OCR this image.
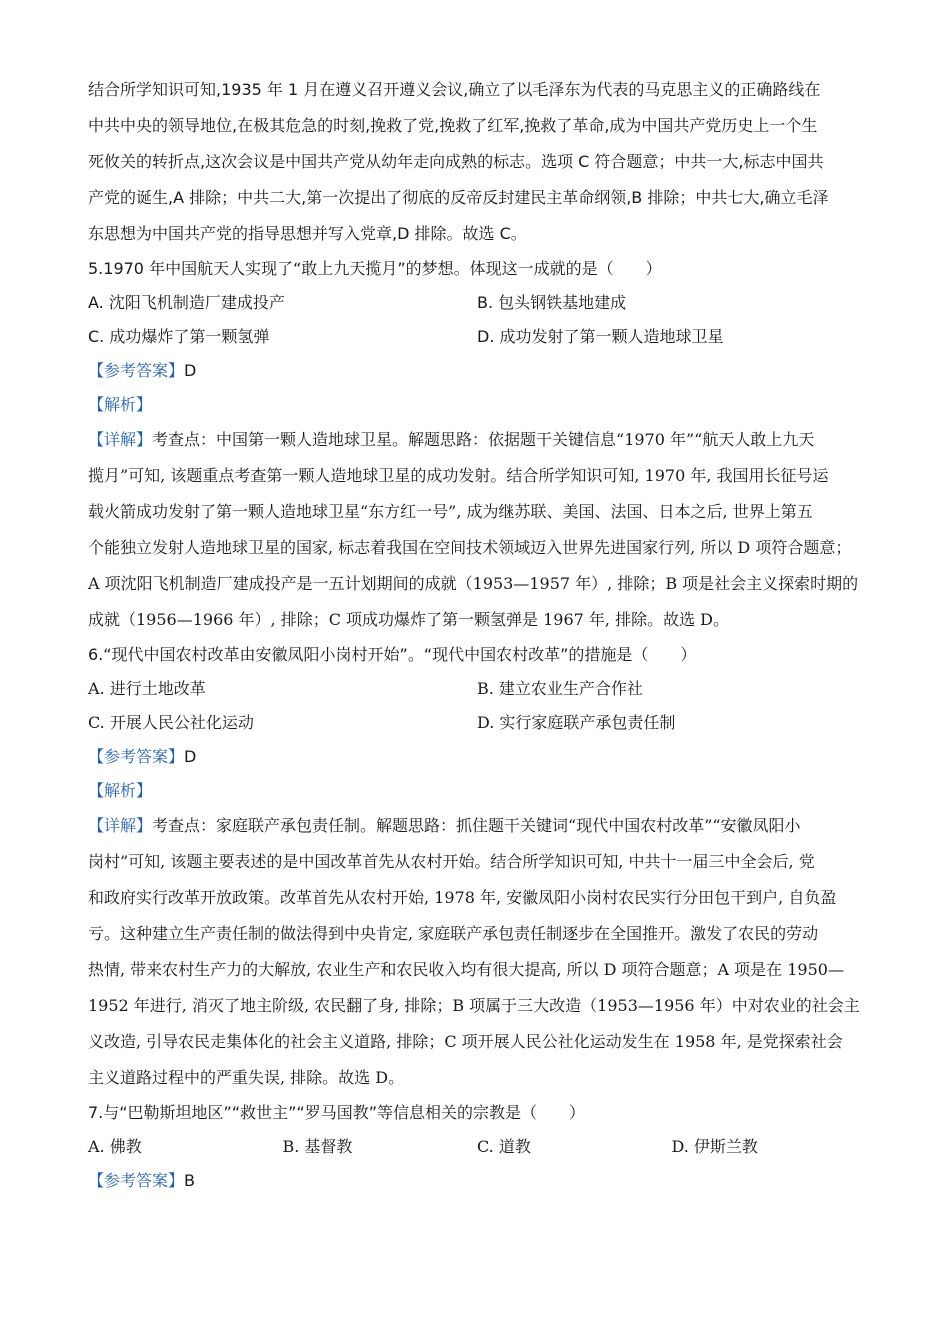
结合所学知识可知,1935 年 1 月在遵义召开遵义会议,确立了以毛泽东为代表的马克思主义的正确路线在
中共中央的领导地位,在极其危急的时刻,挽救了党,挽救了红军,挽救了革命,成为中国共产党历史上一个生
死攸关的转折点,这次会议是中国共产党从幼年走向成熟的标志。选项 C 符合题意；中共一大,标志中国共
产党的诞生,A 排除；中共二大,第一次提出了彻底的反帝反封建民主革命纲领,B 排除；中共七大,确立毛泽
东思想为中国共产党的指导思想并写入党章,D 排除。故选 C。
5.1970 年中国航天人实现了“敢上九天揽月”的梦想。体现这一成就的是（　　）
A. 沈阳飞机制造厂建成投产	B. 包头钢铁基地建成
C. 成功爆炸了第一颗氢弹	D. 成功发射了第一颗人造地球卫星
【参考答案】D
【解析】
【详解】考查点：中国第一颗人造地球卫星。解题思路：依据题干关键信息“1970 年”“航天人敢上九天
揽月”可知, 该题重点考查第一颗人造地球卫星的成功发射。结合所学知识可知, 1970 年, 我国用长征号运
载火箭成功发射了第一颗人造地球卫星“东方红一号”, 成为继苏联、美国、法国、日本之后, 世界上第五
个能独立发射人造地球卫星的国家, 标志着我国在空间技术领域迈入世界先进国家行列, 所以 D 项符合题意；
A 项沈阳飞机制造厂建成投产是一五计划期间的成就（1953—1957 年）, 排除；B 项是社会主义探索时期的
成就（1956—1966 年）, 排除；C 项成功爆炸了第一颗氢弹是 1967 年, 排除。故选 D。
6.“现代中国农村改革由安徽凤阳小岗村开始”。“现代中国农村改革”的措施是（　　）
A. 进行土地改革	B. 建立农业生产合作社
C. 开展人民公社化运动	D. 实行家庭联产承包责任制
【参考答案】D
【解析】
【详解】考查点：家庭联产承包责任制。解题思路：抓住题干关键词“现代中国农村改革”“安徽凤阳小
岗村”可知, 该题主要表述的是中国改革首先从农村开始。结合所学知识可知, 中共十一届三中全会后, 党
和政府实行改革开放政策。改革首先从农村开始, 1978 年, 安徽凤阳小岗村农民实行分田包干到户, 自负盈
亏。这种建立生产责任制的做法得到中央肯定, 家庭联产承包责任制逐步在全国推开。激发了农民的劳动
热情, 带来农村生产力的大解放, 农业生产和农民收入均有很大提高, 所以 D 项符合题意；A 项是在 1950—
1952 年进行, 消灭了地主阶级, 农民翻了身, 排除；B 项属于三大改造（1953—1956 年）中对农业的社会主
义改造, 引导农民走集体化的社会主义道路, 排除；C 项开展人民公社化运动发生在 1958 年, 是党探索社会
主义道路过程中的严重失误, 排除。故选 D。
7.与“巴勒斯坦地区”“救世主”“罗马国教”等信息相关的宗教是（　　）
A. 佛教	B. 基督教	C. 道教	D. 伊斯兰教
【参考答案】B
